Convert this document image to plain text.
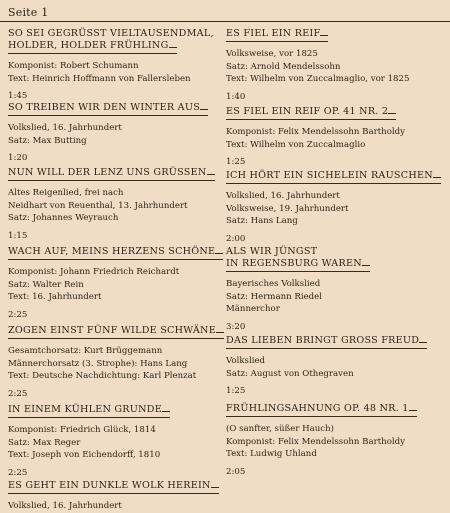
Seite 1
SO SEI GEGRÜSST VIELTAUSENDMAL,
HOLDER, HOLDER FRÜHLING
Komponist: Robert Schumann
Text: Heinrich Hoffmann von Fallersleben
1:45
SO TREIBEN WIR DEN WINTER AUS
Volkslied, 16. Jahrhundert
Satz: Max Butting
1:20
NUN WILL DER LENZ UNS GRÜSSEN
Altes Reigenlied, frei nach
Neidhart von Reuenthal, 13. Jahrhundert
Satz: Johannes Weyrauch
1:15
WACH AUF, MEINS HERZENS SCHÖNE
Komponist: Johann Friedrich Reichardt
Satz: Walter Rein
Text: 16. Jahrhundert
2:25
ZOGEN EINST FÜNF WILDE SCHWÄNE
Gesamtchorsatz: Kurt Brüggemann
Männerchorsatz (3. Strophe): Hans Lang
Text: Deutsche Nachdichtung: Karl Plenzat
2:25
IN EINEM KÜHLEN GRUNDE
Komponist: Friedrich Glück, 1814
Satz: Max Reger
Text: Joseph von Eichendorff, 1810
2:25
ES GEHT EIN DUNKLE WOLK HEREIN
Volkslied, 16. Jahrhundert
ES FIEL EIN REIF
Volksweise, vor 1825
Satz: Arnold Mendelssohn
Text: Wilhelm von Zuccalmaglio, vor 1825
1:40
ES FIEL EIN REIF OP. 41 NR. 2
Komponist: Felix Mendelssohn Bartholdy
Text: Wilhelm von Zuccalmaglio
1:25
ICH HÖRT EIN SICHELEIN RAUSCHEN
Volkslied, 16. Jahrhundert
Volksweise, 19. Jahrhundert
Satz: Hans Lang
2:00
ALS WIR JÜNGST
IN REGENSBURG WAREN
Bayerisches Volkslied
Satz: Hermann Riedel
Männerchor
3:20
DAS LIEBEN BRINGT GROSS FREUD
Volkslied
Satz: August von Othegraven
1:25
FRÜHLINGSAHNUNG OP. 48 NR. 1
(O sanfter, süßer Hauch)
Komponist: Felix Mendelssohn Bartholdy
Text: Ludwig Uhland
2:05
